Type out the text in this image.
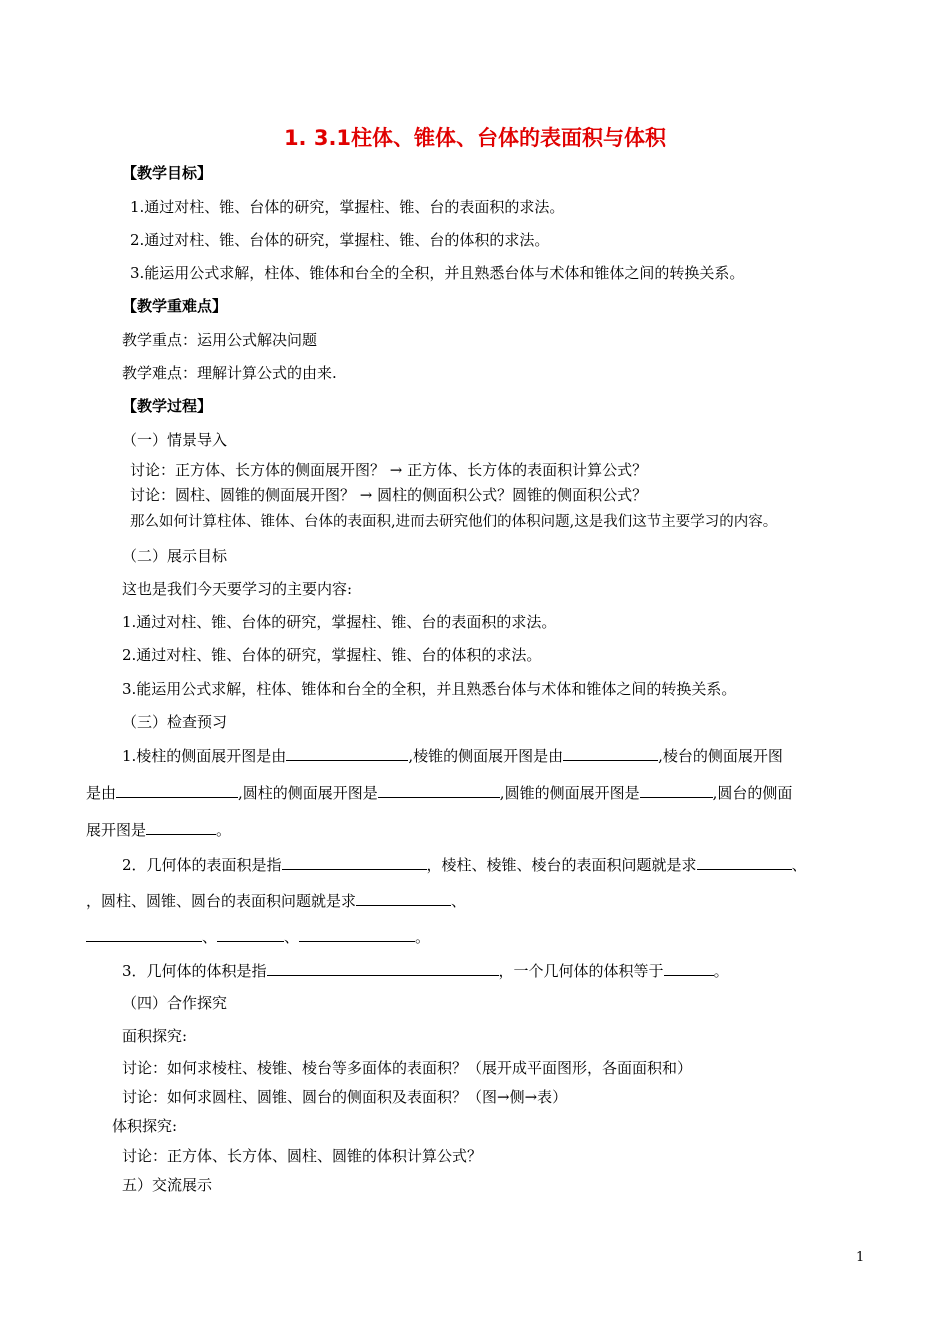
1. 3.1柱体、锥体、台体的表面积与体积
【教学目标】
1.通过对柱、锥、台体的研究，掌握柱、锥、台的表面积的求法。
2.通过对柱、锥、台体的研究，掌握柱、锥、台的体积的求法。
3.能运用公式求解，柱体、锥体和台全的全积，并且熟悉台体与术体和锥体之间的转换关系。
【教学重难点】
教学重点：运用公式解决问题
教学难点：理解计算公式的由来.
【教学过程】
（一）情景导入
讨论：正方体、长方体的侧面展开图？ → 正方体、长方体的表面积计算公式？
讨论：圆柱、圆锥的侧面展开图？ → 圆柱的侧面积公式？圆锥的侧面积公式？
那么如何计算柱体、锥体、台体的表面积,进而去研究他们的体积问题,这是我们这节主要学习的内容。
（二）展示目标
这也是我们今天要学习的主要内容:
1.通过对柱、锥、台体的研究，掌握柱、锥、台的表面积的求法。
2.通过对柱、锥、台体的研究，掌握柱、锥、台的体积的求法。
3.能运用公式求解，柱体、锥体和台全的全积，并且熟悉台体与术体和锥体之间的转换关系。
（三）检查预习
1.棱柱的侧面展开图是由	,棱锥的侧面展开图是由	,棱台的侧面展开图
是由	,圆柱的侧面展开图是	,圆锥的侧面展开图是	,圆台的侧面
展开图是	。
2．几何体的表面积是指	，棱柱、棱锥、棱台的表面积问题就是求	、
，圆柱、圆锥、圆台的表面积问题就是求	、
、	、	。
3．几何体的体积是指	，一个几何体的体积等于	。
（四）合作探究
面积探究:
讨论：如何求棱柱、棱锥、棱台等多面体的表面积？（展开成平面图形，各面面积和）
讨论：如何求圆柱、圆锥、圆台的侧面积及表面积？（图→侧→表）
体积探究:
讨论：正方体、长方体、圆柱、圆锥的体积计算公式？
五）交流展示
1
